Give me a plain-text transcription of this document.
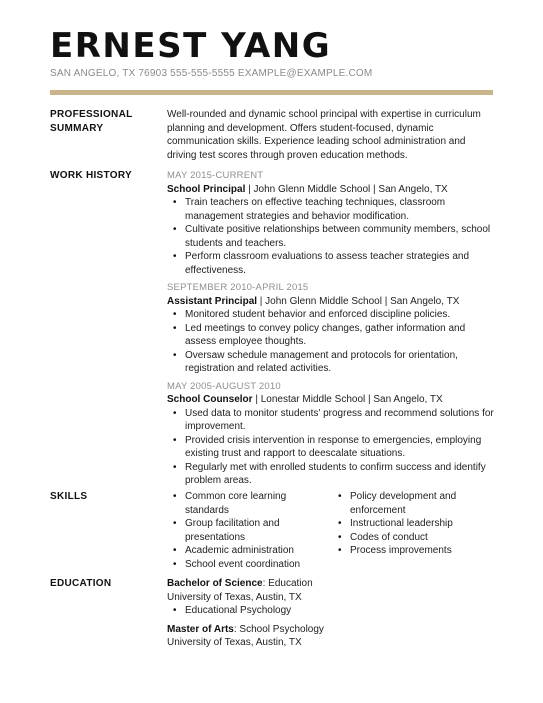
ERNEST YANG
SAN ANGELO, TX 76903 555-555-5555 EXAMPLE@EXAMPLE.COM
PROFESSIONAL SUMMARY

Well-rounded and dynamic school principal with expertise in curriculum planning and development. Offers student-focused, dynamic communication skills. Experience leading school administration and driving test scores through proven education methods.

WORK HISTORY	MAY 2015-CURRENT
School Principal | John Glenn Middle School | San Angelo, TX
• Train teachers on effective teaching techniques, classroom management strategies and behavior modification.
• Cultivate positive relationships between community members, school students and teachers.
• Perform classroom evaluations to assess teacher strategies and effectiveness.
SEPTEMBER 2010-APRIL 2015
Assistant Principal | John Glenn Middle School | San Angelo, TX
• Monitored student behavior and enforced discipline policies.
• Led meetings to convey policy changes, gather information and assess employee thoughts.
• Oversaw schedule management and protocols for orientation, registration and related activities.
MAY 2005-AUGUST 2010
School Counselor | Lonestar Middle School | San Angelo, TX
• Used data to monitor students' progress and recommend solutions for improvement.
• Provided crisis intervention in response to emergencies, employing existing trust and rapport to deescalate situations.
• Regularly met with enrolled students to confirm success and identify problem areas.
SKILLS
•	Common core learning standards
• Group facilitation and presentations
• Academic administration
• School event coordination
• Policy development and enforcement
• Instructional leadership
• Codes of conduct
• Process improvements
EDUCATION	Bachelor of Science: Education
University of Texas, Austin, TX
• Educational Psychology
Master of Arts: School Psychology
University of Texas, Austin, TX
